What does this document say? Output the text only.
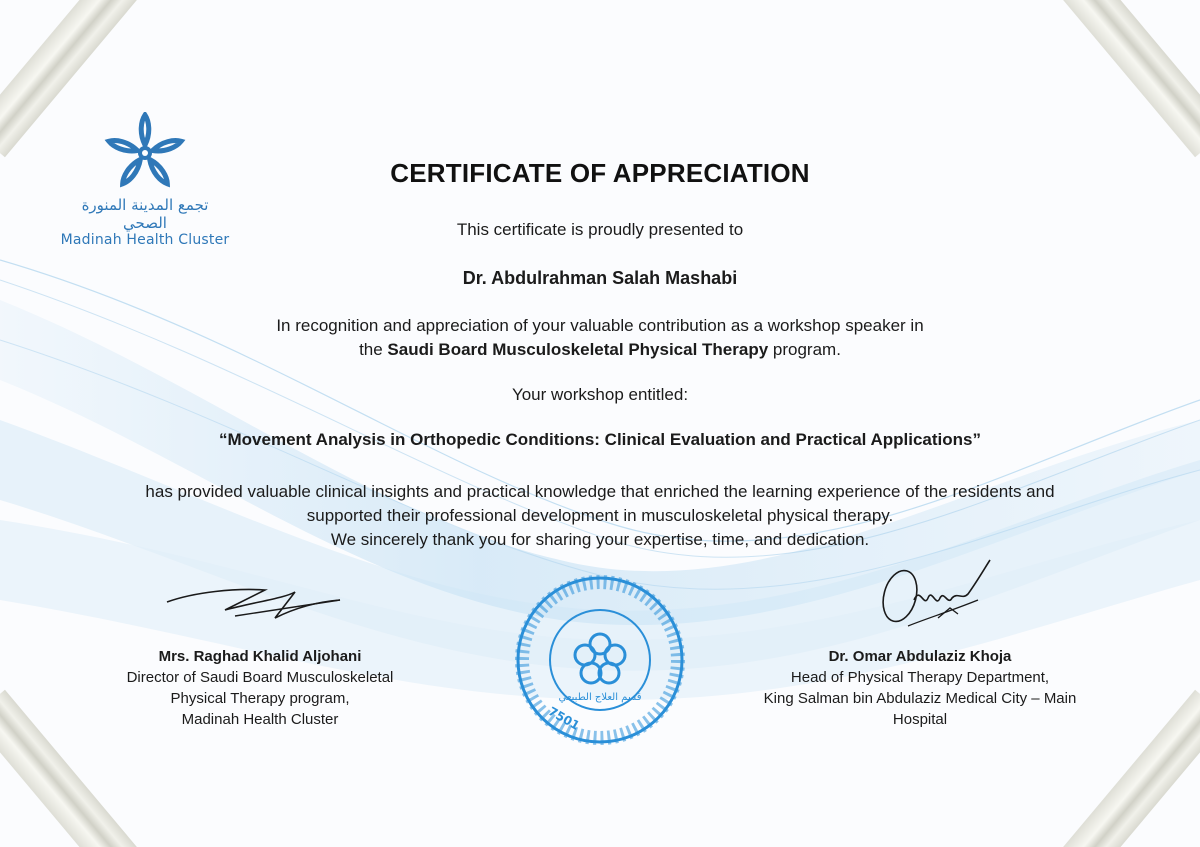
تجمع المدينة المنورة الصحي
Madinah Health Cluster
CERTIFICATE OF APPRECIATION
This certificate is proudly presented to
Dr. Abdulrahman Salah Mashabi
In recognition and appreciation of your valuable contribution as a workshop speaker in
the Saudi Board Musculoskeletal Physical Therapy program.
Your workshop entitled:
“Movement Analysis in Orthopedic Conditions: Clinical Evaluation and Practical Applications”
has provided valuable clinical insights and practical knowledge that enriched the learning experience of the residents and
supported their professional development in musculoskeletal physical therapy.
We sincerely thank you for sharing your expertise, time, and dedication.
قسم العلاج الطبيعي
7501
Mrs. Raghad Khalid Aljohani
Director of Saudi Board Musculoskeletal
Physical Therapy program,
Madinah Health Cluster
Dr. Omar Abdulaziz Khoja
Head of Physical Therapy Department,
King Salman bin Abdulaziz Medical City – Main
Hospital
